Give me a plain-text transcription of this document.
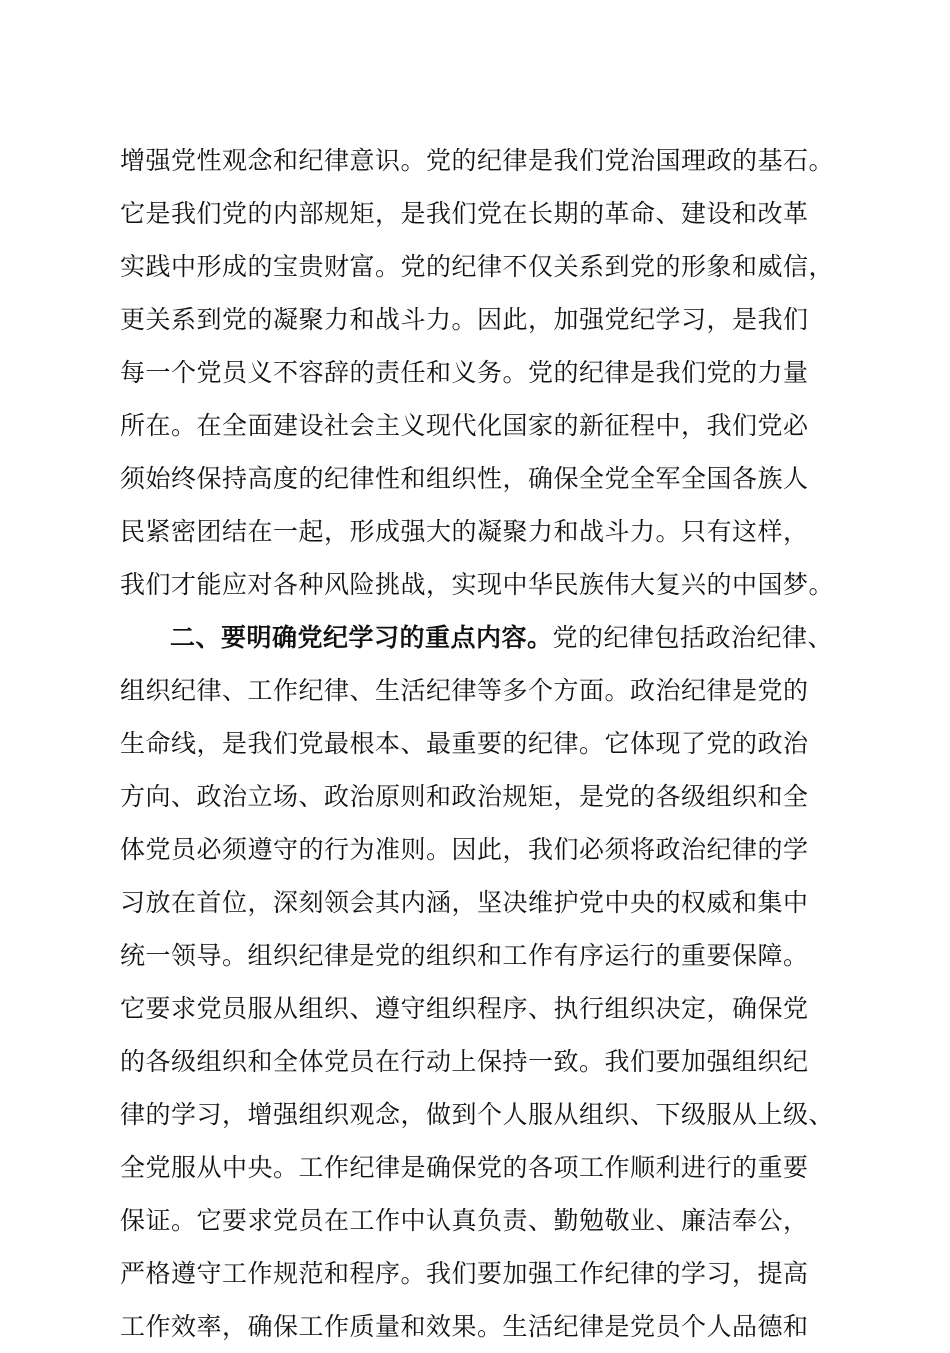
增强党性观念和纪律意识。党的纪律是我们党治国理政的基石。
它是我们党的内部规矩，是我们党在长期的革命、建设和改革
实践中形成的宝贵财富。党的纪律不仅关系到党的形象和威信，
更关系到党的凝聚力和战斗力。因此，加强党纪学习，是我们
每一个党员义不容辞的责任和义务。党的纪律是我们党的力量
所在。在全面建设社会主义现代化国家的新征程中，我们党必
须始终保持高度的纪律性和组织性，确保全党全军全国各族人
民紧密团结在一起，形成强大的凝聚力和战斗力。只有这样，
我们才能应对各种风险挑战，实现中华民族伟大复兴的中国梦。
二、要明确党纪学习的重点内容。党的纪律包括政治纪律、
组织纪律、工作纪律、生活纪律等多个方面。政治纪律是党的
生命线，是我们党最根本、最重要的纪律。它体现了党的政治
方向、政治立场、政治原则和政治规矩，是党的各级组织和全
体党员必须遵守的行为准则。因此，我们必须将政治纪律的学
习放在首位，深刻领会其内涵，坚决维护党中央的权威和集中
统一领导。组织纪律是党的组织和工作有序运行的重要保障。
它要求党员服从组织、遵守组织程序、执行组织决定，确保党
的各级组织和全体党员在行动上保持一致。我们要加强组织纪
律的学习，增强组织观念，做到个人服从组织、下级服从上级、
全党服从中央。工作纪律是确保党的各项工作顺利进行的重要
保证。它要求党员在工作中认真负责、勤勉敬业、廉洁奉公，
严格遵守工作规范和程序。我们要加强工作纪律的学习，提高
工作效率，确保工作质量和效果。生活纪律是党员个人品德和
